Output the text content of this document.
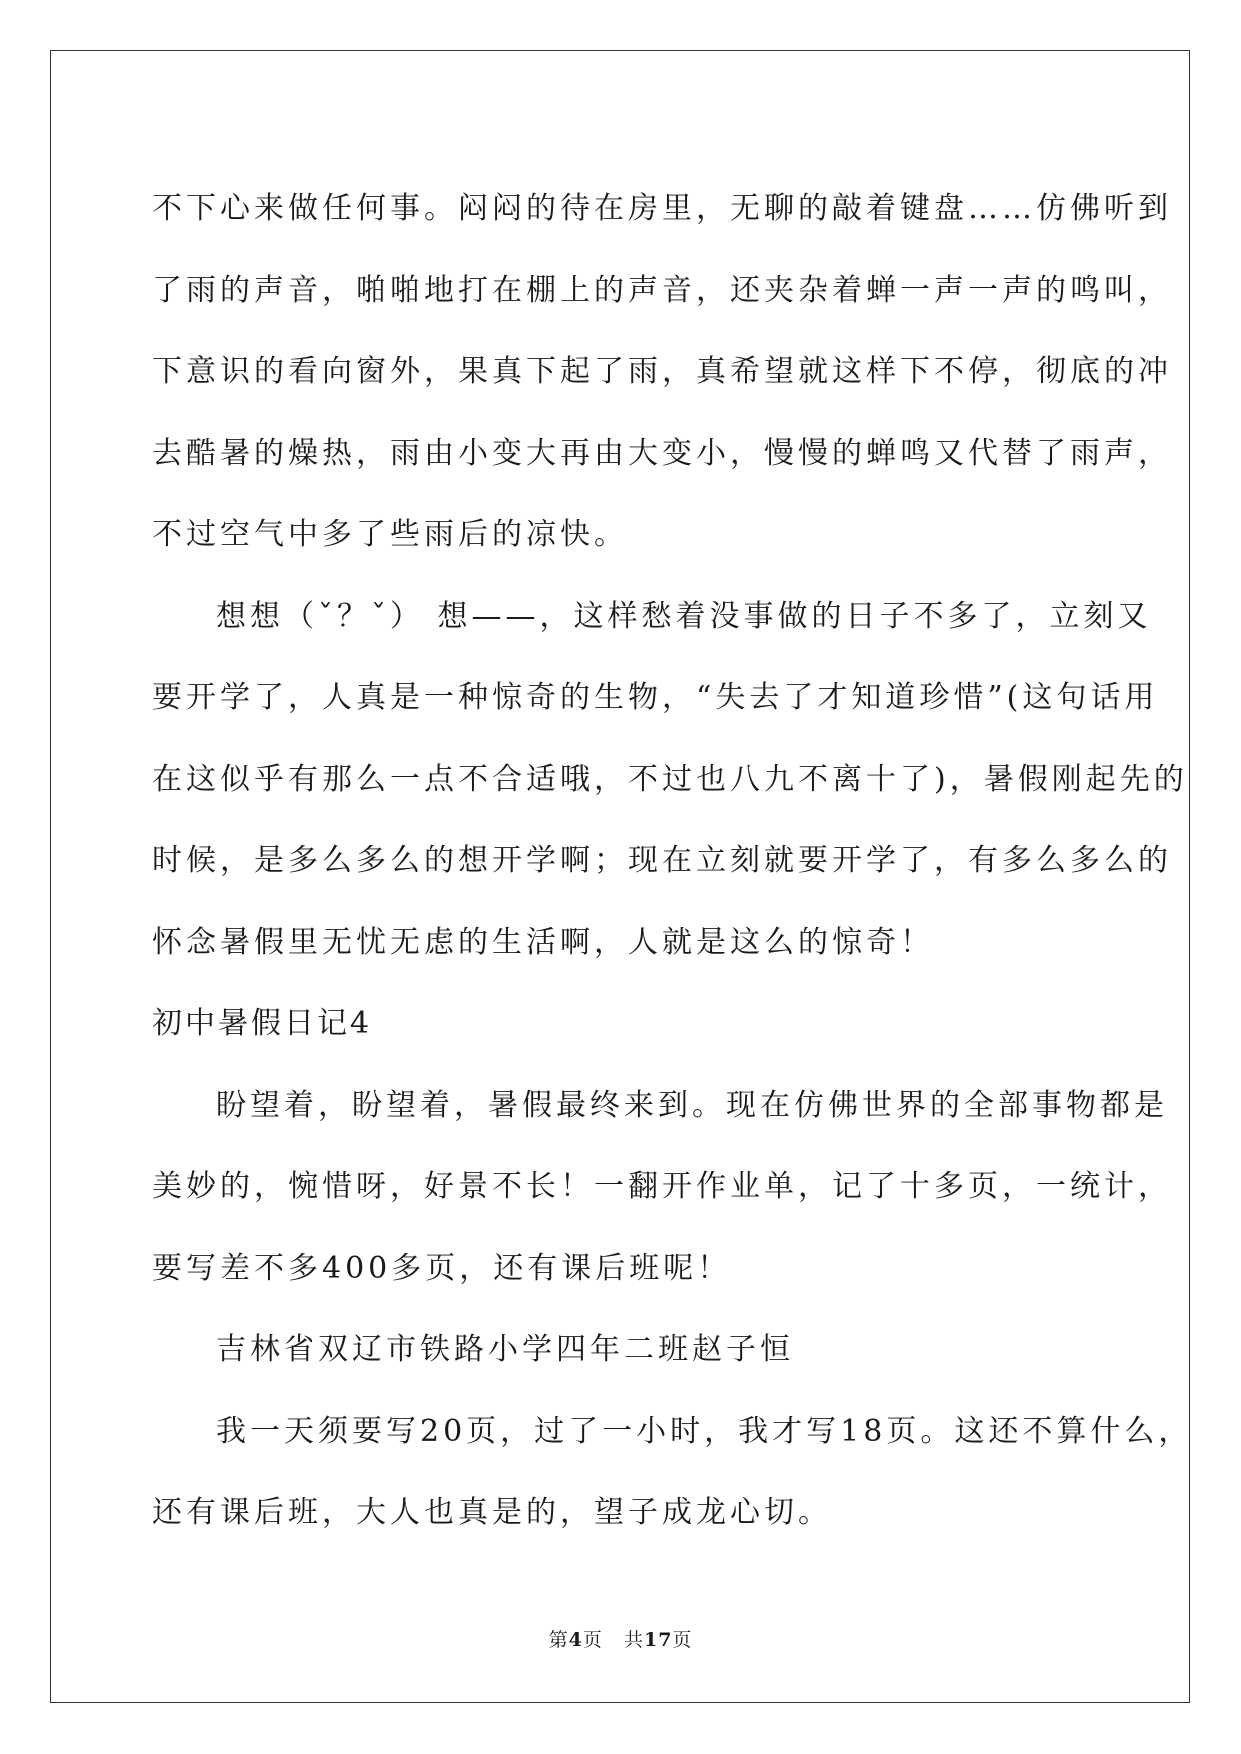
不下心来做任何事。闷闷的待在房里，无聊的敲着键盘……仿佛听到
了雨的声音，啪啪地打在棚上的声音，还夹杂着蝉一声一声的鸣叫，
下意识的看向窗外，果真下起了雨，真希望就这样下不停，彻底的冲
去酷暑的燥热，雨由小变大再由大变小，慢慢的蝉鸣又代替了雨声，
不过空气中多了些雨后的凉快。
想想（ˇ？ˇ） 想——，这样愁着没事做的日子不多了，立刻又
要开学了，人真是一种惊奇的生物，“失去了才知道珍惜”(这句话用
在这似乎有那么一点不合适哦，不过也八九不离十了)，暑假刚起先的
时候，是多么多么的想开学啊；现在立刻就要开学了，有多么多么的
怀念暑假里无忧无虑的生活啊，人就是这么的惊奇！
初中暑假日记4
盼望着，盼望着，暑假最终来到。现在仿佛世界的全部事物都是
美妙的，惋惜呀，好景不长！一翻开作业单，记了十多页，一统计，
要写差不多400多页，还有课后班呢！
吉林省双辽市铁路小学四年二班赵子恒
我一天须要写20页，过了一小时，我才写18页。这还不算什么，
还有课后班，大人也真是的，望子成龙心切。
第4页 共17页
